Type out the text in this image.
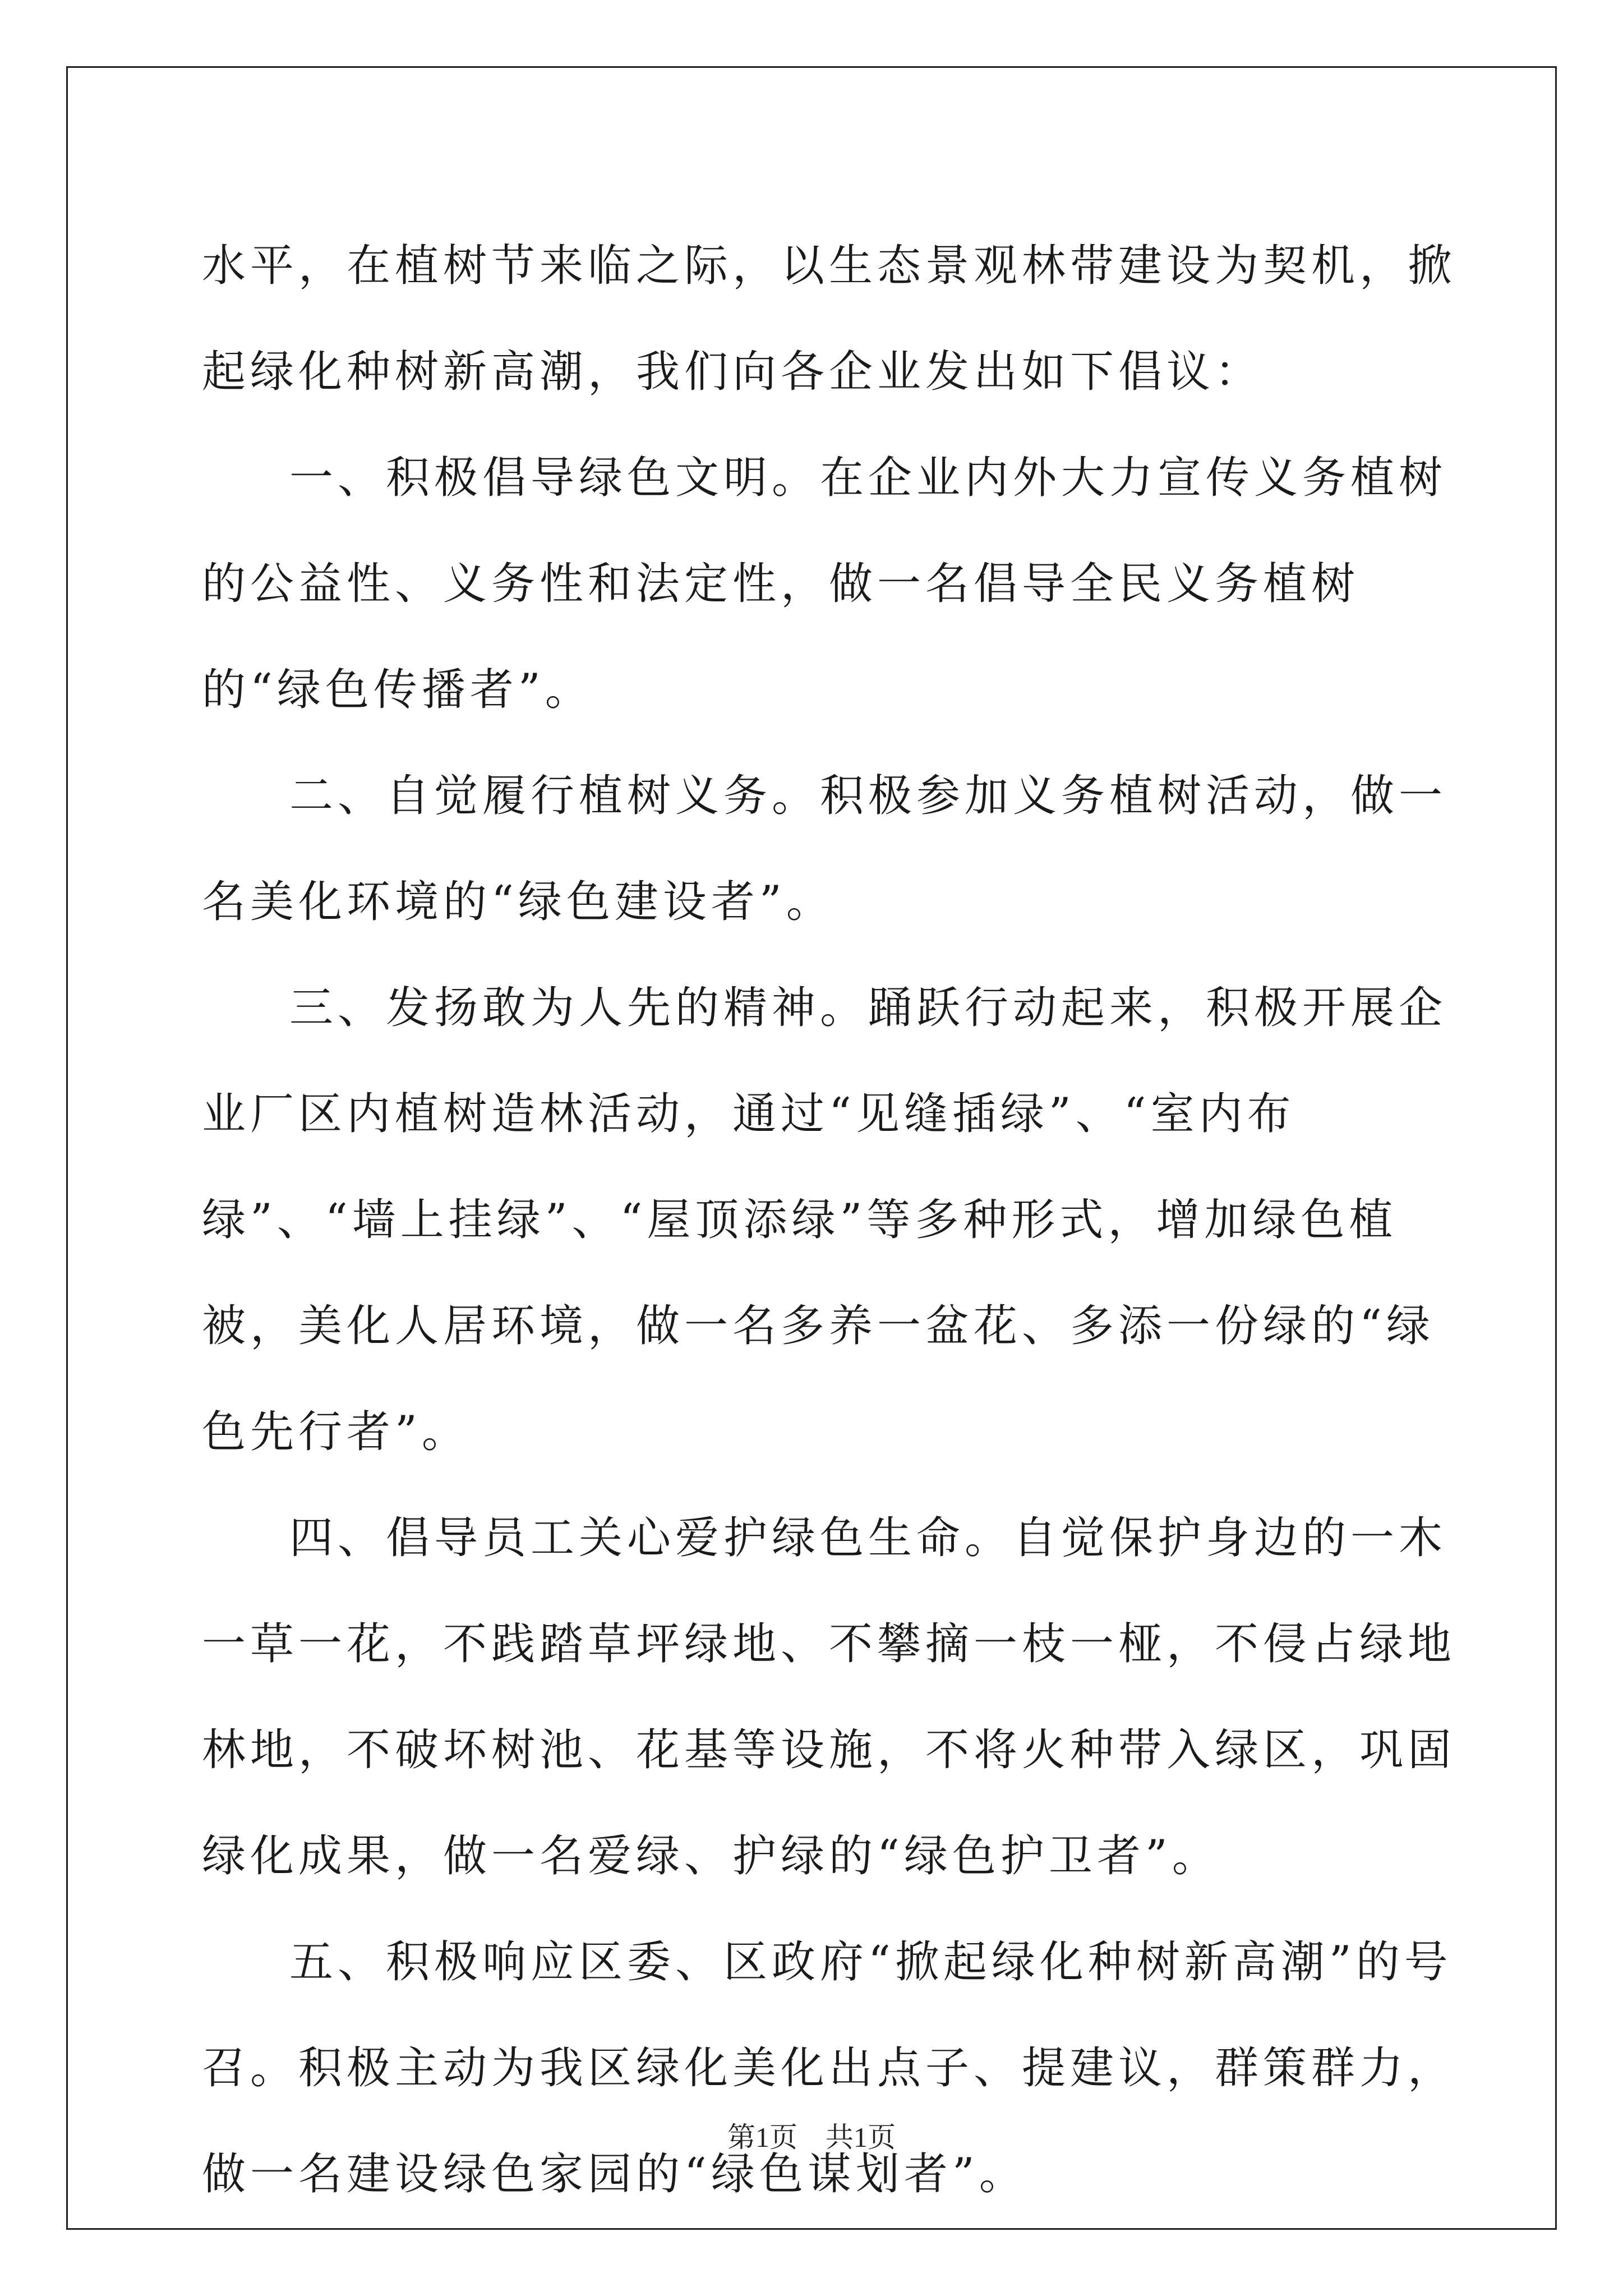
水平，在植树节来临之际，以生态景观林带建设为契机，掀起绿化种树新高潮，我们向各企业发出如下倡议：

一、积极倡导绿色文明。在企业内外大力宣传义务植树的公益性、义务性和法定性，做一名倡导全民义务植树的“绿色传播者”。

二、自觉履行植树义务。积极参加义务植树活动，做一名美化环境的“绿色建设者”。

三、发扬敢为人先的精神。踊跃行动起来，积极开展企业厂区内植树造林活动，通过“见缝插绿”、“室内布绿”、“墙上挂绿”、“屋顶添绿”等多种形式，增加绿色植被，美化人居环境，做一名多养一盆花、多添一份绿的“绿色先行者”。

四、倡导员工关心爱护绿色生命。自觉保护身边的一木一草一花，不践踏草坪绿地、不攀摘一枝一桠，不侵占绿地林地，不破坏树池、花基等设施，不将火种带入绿区，巩固绿化成果，做一名爱绿、护绿的“绿色护卫者”。

五、积极响应区委、区政府“掀起绿化种树新高潮”的号召。积极主动为我区绿化美化出点子、提建议，群策群力，做一名建设绿色家园的“绿色谋划者”。

第1页　共1页
